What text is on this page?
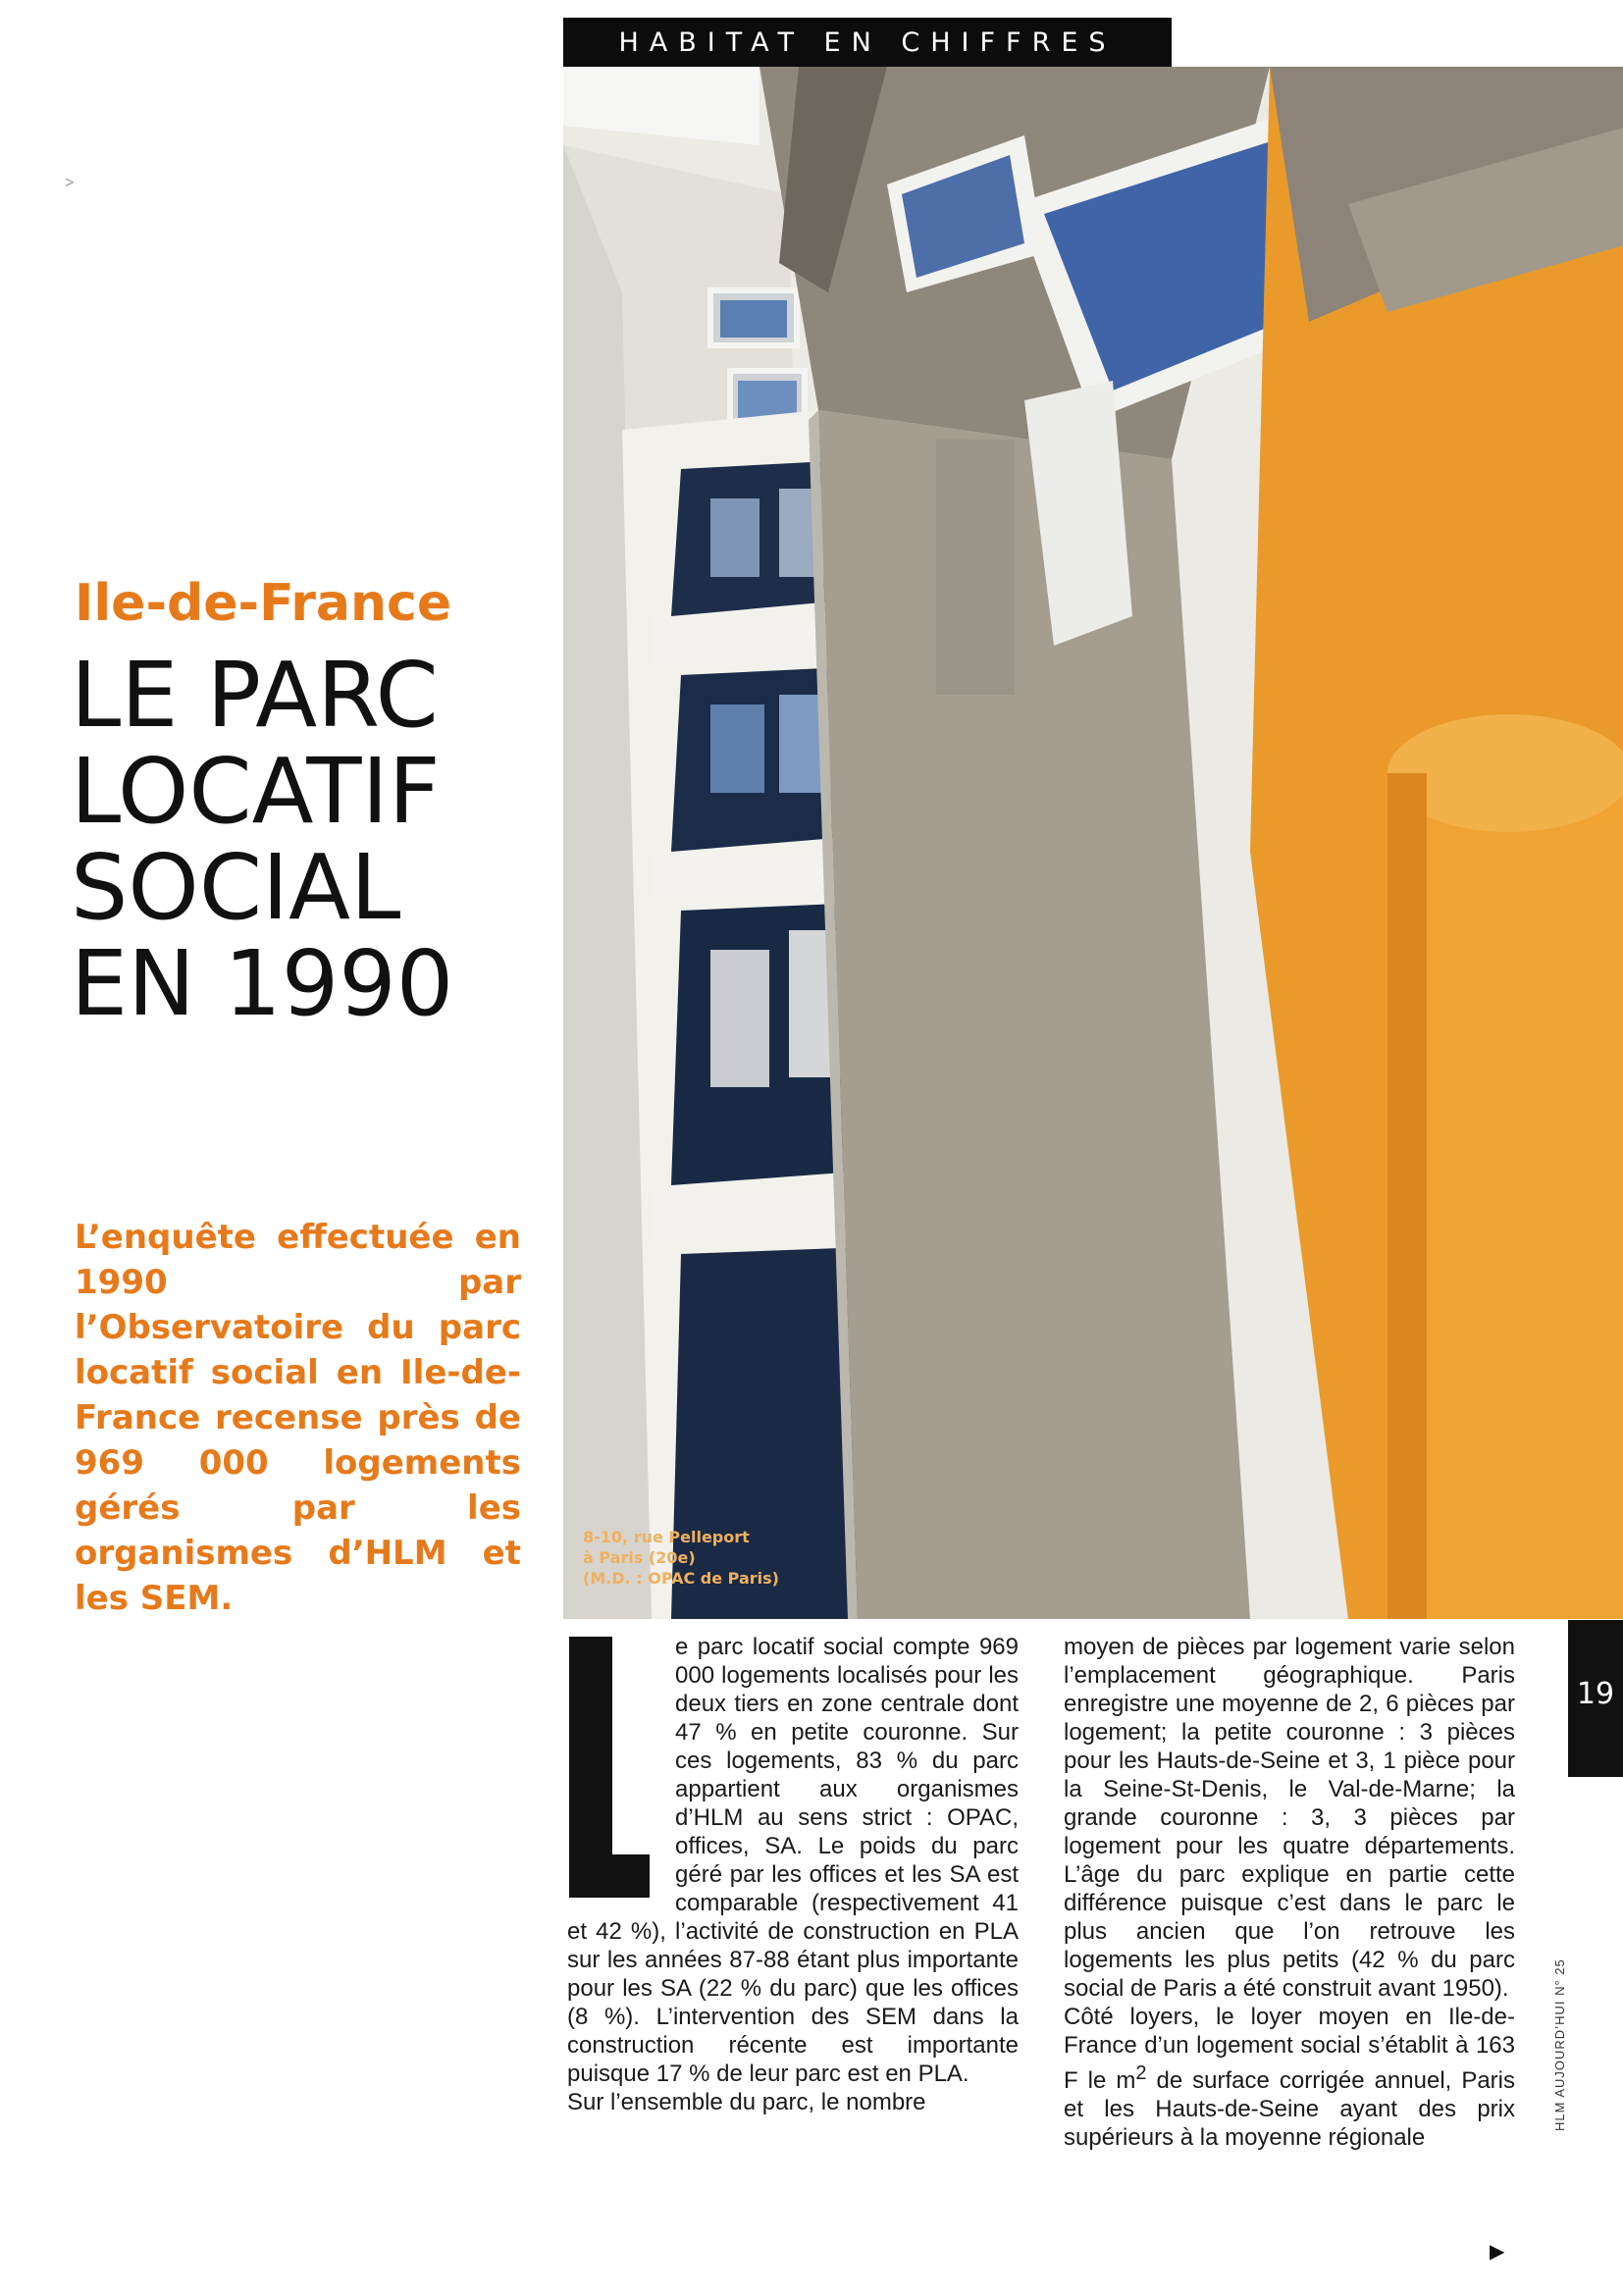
HABITAT EN CHIFFRES
>
Ile-de-France
LE PARC
LOCATIF
SOCIAL
EN 1990
L’enquête effectuée en 1990 par l’Observatoire du parc locatif social en Ile-de-France recense près de 969 000 logements gérés par les organismes d’HLM et les SEM.
8-10, rue Pelleport
à Paris (20e)
(M.D. : OPAC de Paris)
e parc locatif social compte 969 000 logements localisés pour les deux tiers en zone centrale dont 47 % en petite couronne. Sur ces logements, 83 % du parc appartient aux organismes d’HLM au sens strict : OPAC, offices, SA. Le poids du parc géré par les offices et les SA est comparable (respectivement 41 et 42 %), l’activité de construction en PLA sur les années 87-88 étant plus importante pour les SA (22 % du parc) que les offices (8 %). L’intervention des SEM dans la construction récente est importante puisque 17 % de leur parc est en PLA.
Sur l’ensemble du parc, le nombre
moyen de pièces par logement varie selon l’emplacement géographique. Paris enregistre une moyenne de 2, 6 pièces par logement; la petite couronne : 3 pièces pour les Hauts-de-Seine et 3, 1 pièce pour la Seine-St-Denis, le Val-de-Marne; la grande couronne : 3, 3 pièces par logement pour les quatre départements. L’âge du parc explique en partie cette différence puisque c’est dans le parc le plus ancien que l’on retrouve les logements les plus petits (42 % du parc social de Paris a été construit avant 1950).
Côté loyers, le loyer moyen en Ile-de-France d’un logement social s’établit à 163 F le $m^2$ de surface corrigée annuel, Paris et les Hauts-de-Seine ayant des prix supérieurs à la moyenne régionale
19
HLM AUJOURD’HUI N° 25
▶
